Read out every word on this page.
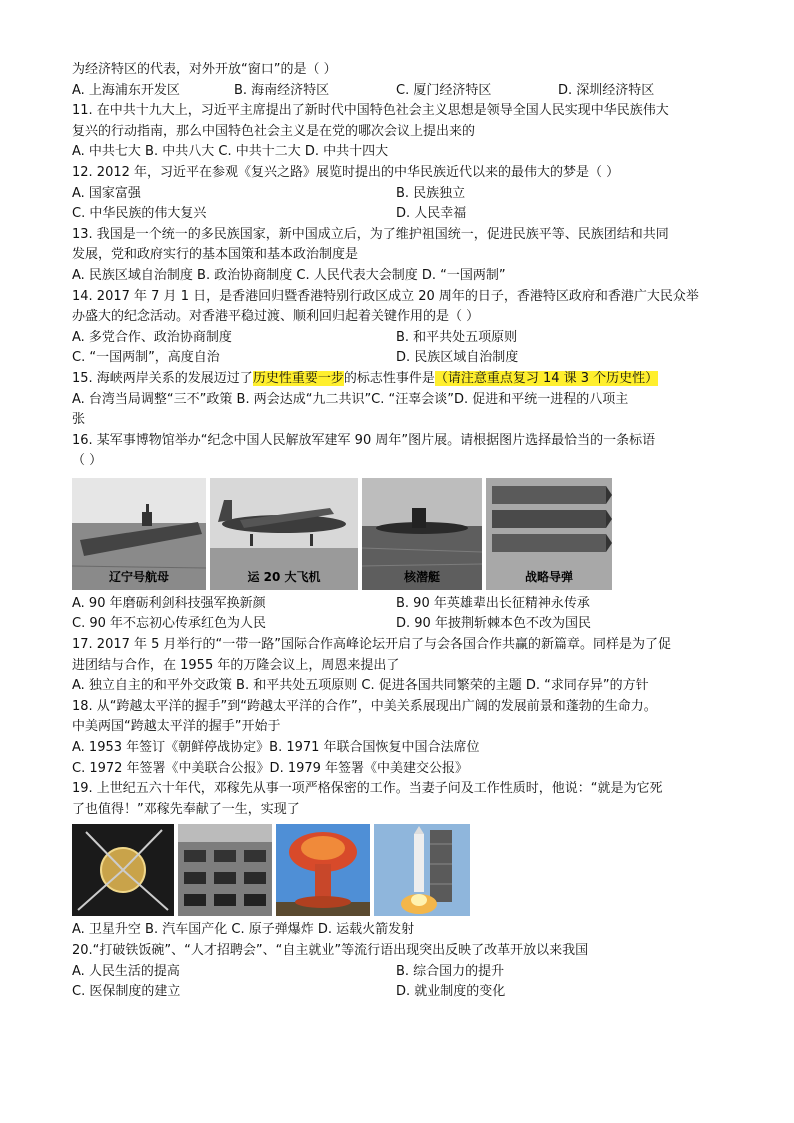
为经济特区的代表，对外开放“窗口”的是（ ）
A. 上海浦东开发区	B. 海南经济特区	C. 厦门经济特区	D. 深圳经济特区
11. 在中共十九大上，习近平主席提出了新时代中国特色社会主义思想是领导全国人民实现中华民族伟大
复兴的行动指南，那么中国特色社会主义是在党的哪次会议上提出来的
A. 中共七大 B. 中共八大 C. 中共十二大 D. 中共十四大
12. 2012 年，习近平在参观《复兴之路》展览时提出的中华民族近代以来的最伟大的梦是（ ）
A. 国家富强	B. 民族独立
C. 中华民族的伟大复兴	D. 人民幸福
13. 我国是一个统一的多民族国家，新中国成立后，为了维护祖国统一，促进民族平等、民族团结和共同
发展，党和政府实行的基本国策和基本政治制度是
A. 民族区域自治制度 B. 政治协商制度 C. 人民代表大会制度 D. “一国两制”
14. 2017 年 7 月 1 日，是香港回归暨香港特别行政区成立 20 周年的日子，香港特区政府和香港广大民众举
办盛大的纪念活动。对香港平稳过渡、顺利回归起着关键作用的是（ ）
A. 多党合作、政治协商制度	B. 和平共处五项原则
C. “一国两制”，高度自治	D. 民族区域自治制度
15. 海峡两岸关系的发展迈过了历史性重要一步的标志性事件是（请注意重点复习 14 课 3 个历史性）
A. 台湾当局调整“三不”政策 B. 两会达成“九二共识”C. “汪辜会谈”D. 促进和平统一进程的八项主
张
16. 某军事博物馆举办“纪念中国人民解放军建军 90 周年”图片展。请根据图片选择最恰当的一条标语
（ ）
辽宁号航母	运 20 大飞机	核潜艇	战略导弹
A. 90 年磨砺利剑科技强军换新颜	B. 90 年英雄辈出长征精神永传承
C. 90 年不忘初心传承红色为人民	D. 90 年披荆斩棘本色不改为国民
17. 2017 年 5 月举行的“一带一路”国际合作高峰论坛开启了与会各国合作共赢的新篇章。同样是为了促
进团结与合作，在 1955 年的万隆会议上，周恩来提出了
A. 独立自主的和平外交政策 B. 和平共处五项原则 C. 促进各国共同繁荣的主题 D. “求同存异”的方针
18. 从“跨越太平洋的握手”到“跨越太平洋的合作”，中美关系展现出广阔的发展前景和蓬勃的生命力。
中美两国“跨越太平洋的握手”开始于
A. 1953 年签订《朝鲜停战协定》B. 1971 年联合国恢复中国合法席位
C. 1972 年签署《中美联合公报》D. 1979 年签署《中美建交公报》
19. 上世纪五六十年代，邓稼先从事一项严格保密的工作。当妻子问及工作性质时，他说：“就是为它死
了也值得！”邓稼先奉献了一生，实现了
A. 卫星升空 B. 汽车国产化 C. 原子弹爆炸 D. 运载火箭发射
20.“打破铁饭碗”、“人才招聘会”、“自主就业”等流行语出现突出反映了改革开放以来我国
A. 人民生活的提高	B. 综合国力的提升
C. 医保制度的建立	D. 就业制度的变化
